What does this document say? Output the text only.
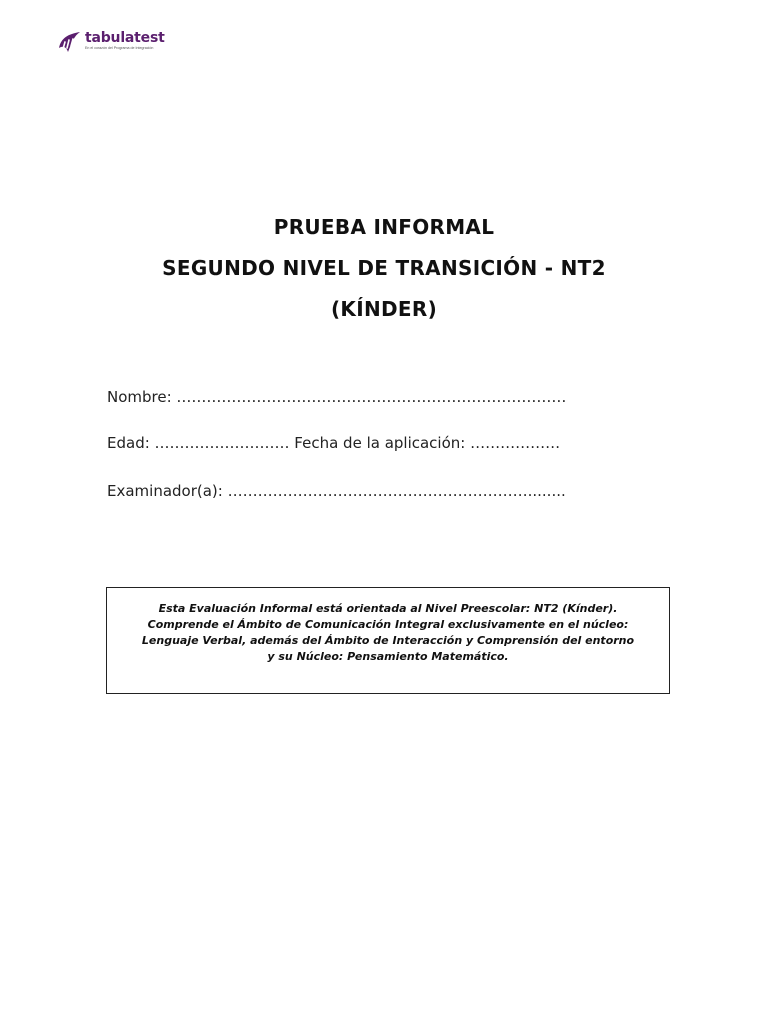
tabulatest
En el corazón del Programa de Integración
PRUEBA INFORMAL
SEGUNDO NIVEL DE TRANSICIÓN - NT2
(KÍNDER)
Nombre: ……………………………………………………………………
Edad: ……………………… Fecha de la aplicación: ………………
Examinador(a): ……………………………………………………........
Esta Evaluación Informal está orientada al Nivel Preescolar: NT2 (Kínder).
Comprende el Ámbito de Comunicación Integral exclusivamente en el núcleo:
Lenguaje Verbal, además del Ámbito de Interacción y Comprensión del entorno
y su Núcleo: Pensamiento Matemático.
